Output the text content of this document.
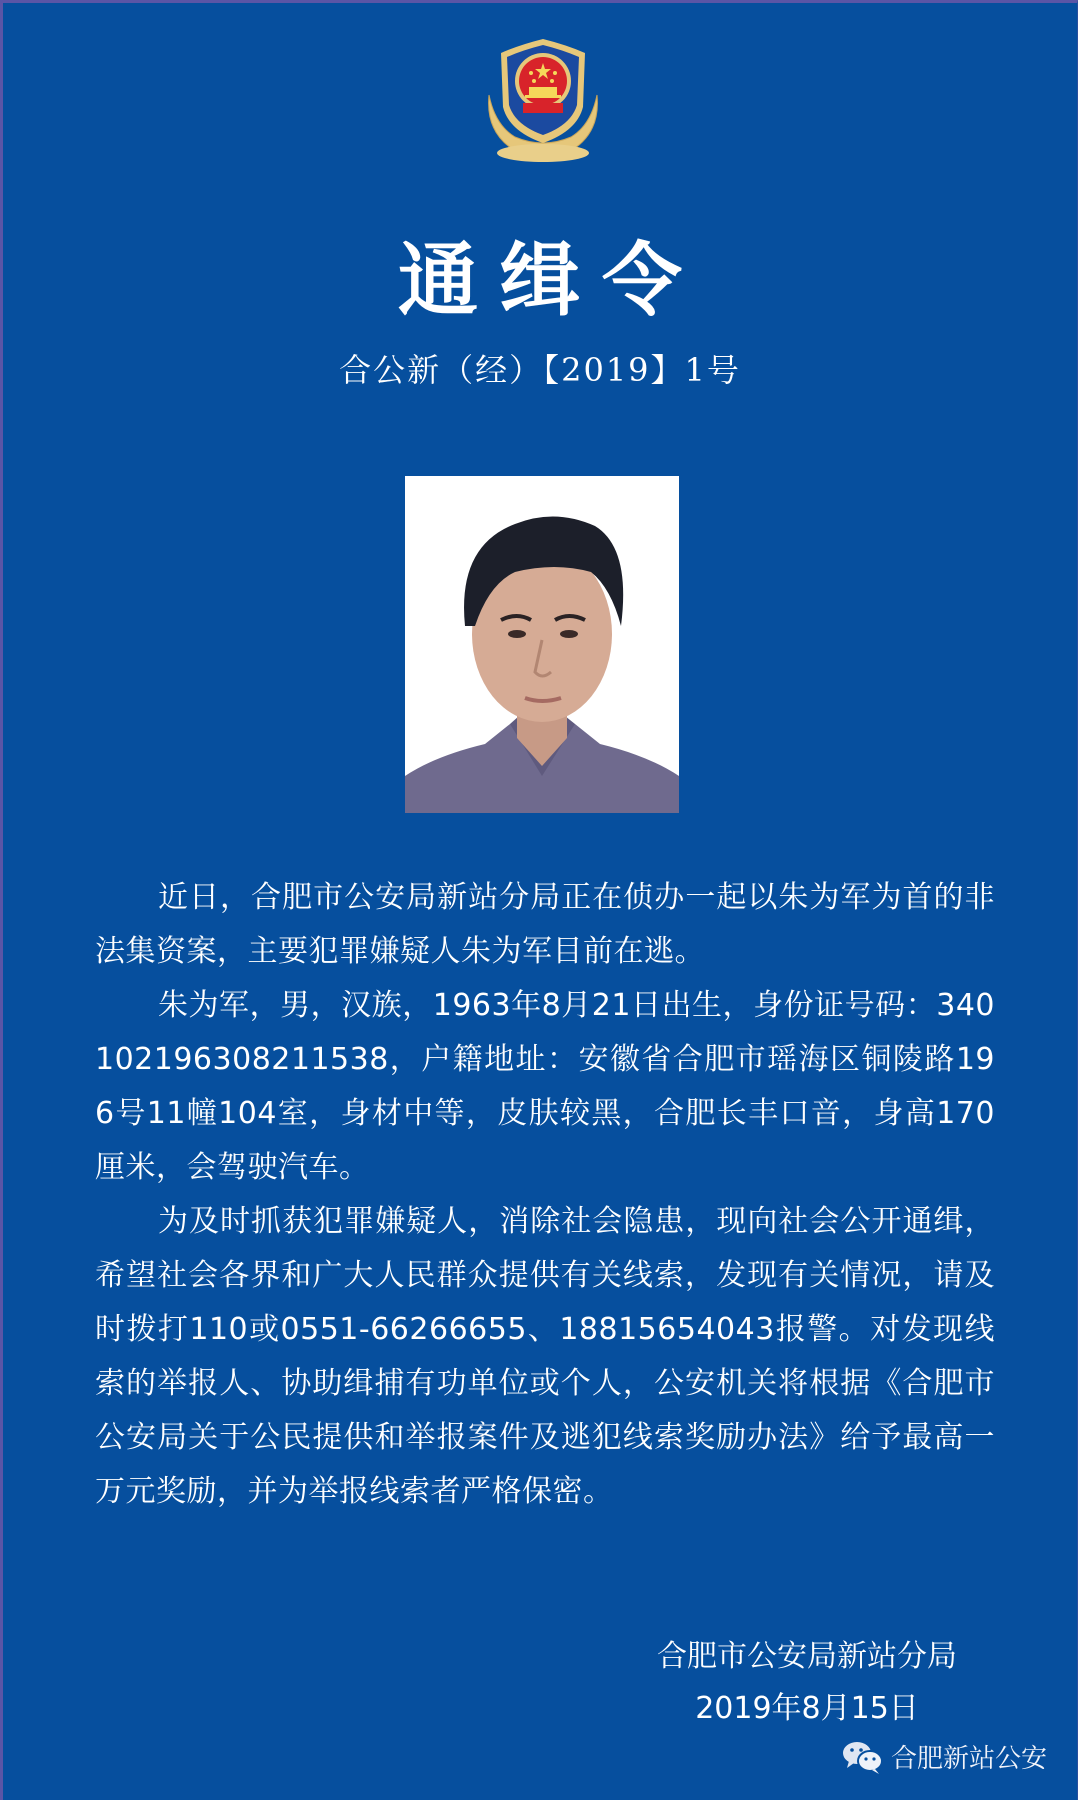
通缉令
合公新（经）【2019】1号

近日，合肥市公安局新站分局正在侦办一起以朱为军为首的非法集资案，主要犯罪嫌疑人朱为军目前在逃。

朱为军，男，汉族，1963年8月21日出生，身份证号码：340102196308211538，户籍地址：安徽省合肥市瑶海区铜陵路196号11幢104室，身材中等，皮肤较黑，合肥长丰口音，身高170厘米，会驾驶汽车。

为及时抓获犯罪嫌疑人，消除社会隐患，现向社会公开通缉，希望社会各界和广大人民群众提供有关线索，发现有关情况，请及时拨打110或0551-66266655、18815654043报警。对发现线索的举报人、协助缉捕有功单位或个人，公安机关将根据《合肥市公安局关于公民提供和举报案件及逃犯线索奖励办法》给予最高一万元奖励，并为举报线索者严格保密。

合肥市公安局新站分局
2019年8月15日
合肥新站公安
